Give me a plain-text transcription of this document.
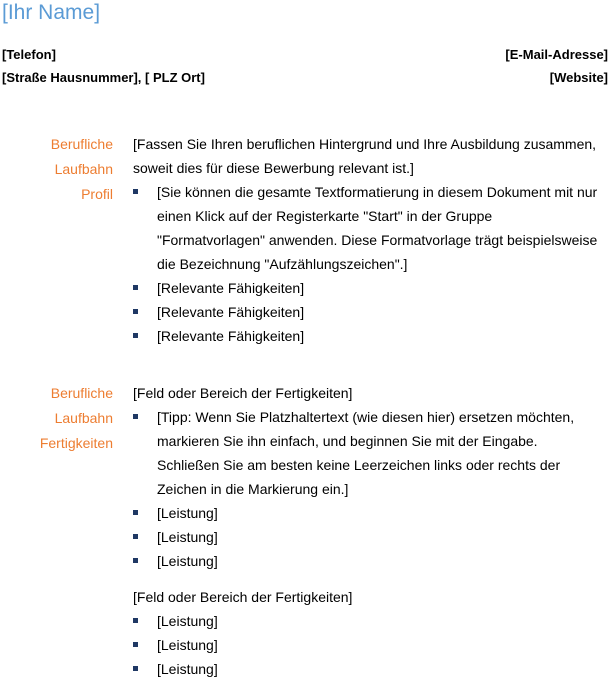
[Ihr Name]
[Telefon]	[E-Mail-Adresse]
[Straße Hausnummer], [ PLZ Ort]	[Website]
Berufliche
Laufbahn
Profil

[Fassen Sie Ihren beruflichen Hintergrund und Ihre Ausbildung zusammen, soweit dies für diese Bewerbung relevant ist.]

[Sie können die gesamte Textformatierung in diesem Dokument mit nur einen Klick auf der Registerkarte "Start" in der Gruppe "Formatvorlagen" anwenden. Diese Formatvorlage trägt beispielsweise die Bezeichnung "Aufzählungszeichen".]
[Relevante Fähigkeiten]
[Relevante Fähigkeiten]
[Relevante Fähigkeiten]
Berufliche
Laufbahn
Fertigkeiten

[Feld oder Bereich der Fertigkeiten]

[Tipp: Wenn Sie Platzhaltertext (wie diesen hier) ersetzen möchten, markieren Sie ihn einfach, und beginnen Sie mit der Eingabe. Schließen Sie am besten keine Leerzeichen links oder rechts der Zeichen in die Markierung ein.]
[Leistung]
[Leistung]
[Leistung]

[Feld oder Bereich der Fertigkeiten]

[Leistung]
[Leistung]
[Leistung]
